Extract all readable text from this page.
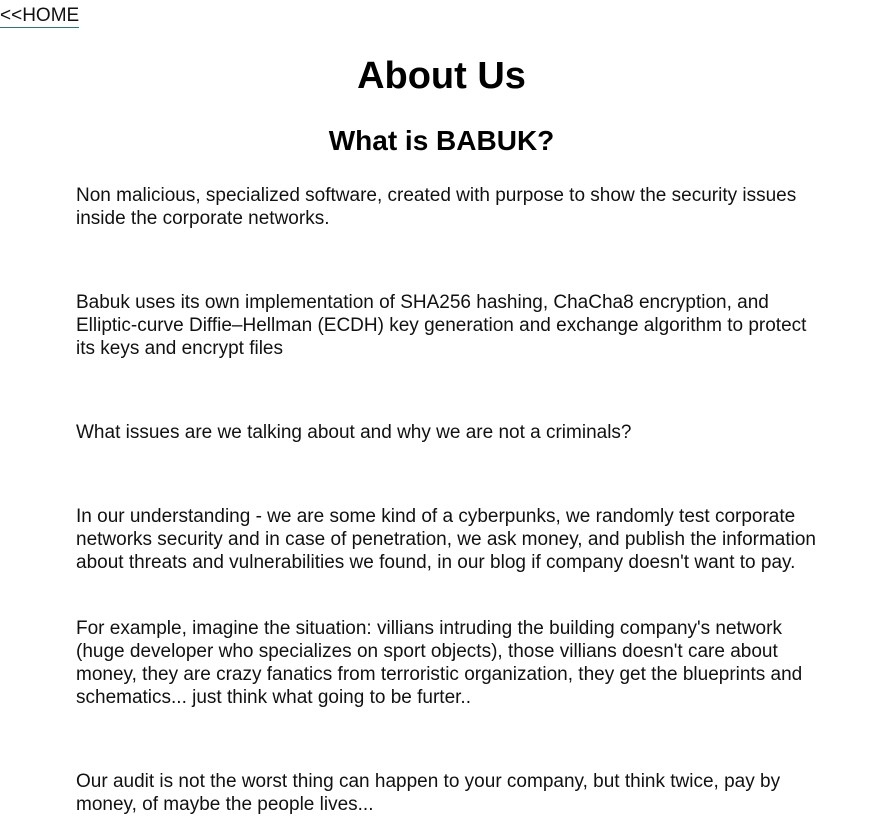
<<HOME
About Us
What is BABUK?

Non malicious, specialized software, created with purpose to show the security issues inside the corporate networks.

Babuk uses its own implementation of SHA256 hashing, ChaCha8 encryption, and Elliptic-curve Diffie–Hellman (ECDH) key generation and exchange algorithm to protect its keys and encrypt files

What issues are we talking about and why we are not a criminals?

In our understanding - we are some kind of a cyberpunks, we randomly test corporate networks security and in case of penetration, we ask money, and publish the information about threats and vulnerabilities we found, in our blog if company doesn't want to pay.

For example, imagine the situation: villians intruding the building company's network (huge developer who specializes on sport objects), those villians doesn't care about money, they are crazy fanatics from terroristic organization, they get the blueprints and schematics... just think what going to be furter..

Our audit is not the worst thing can happen to your company, but think twice, pay by money, of maybe the people lives...
